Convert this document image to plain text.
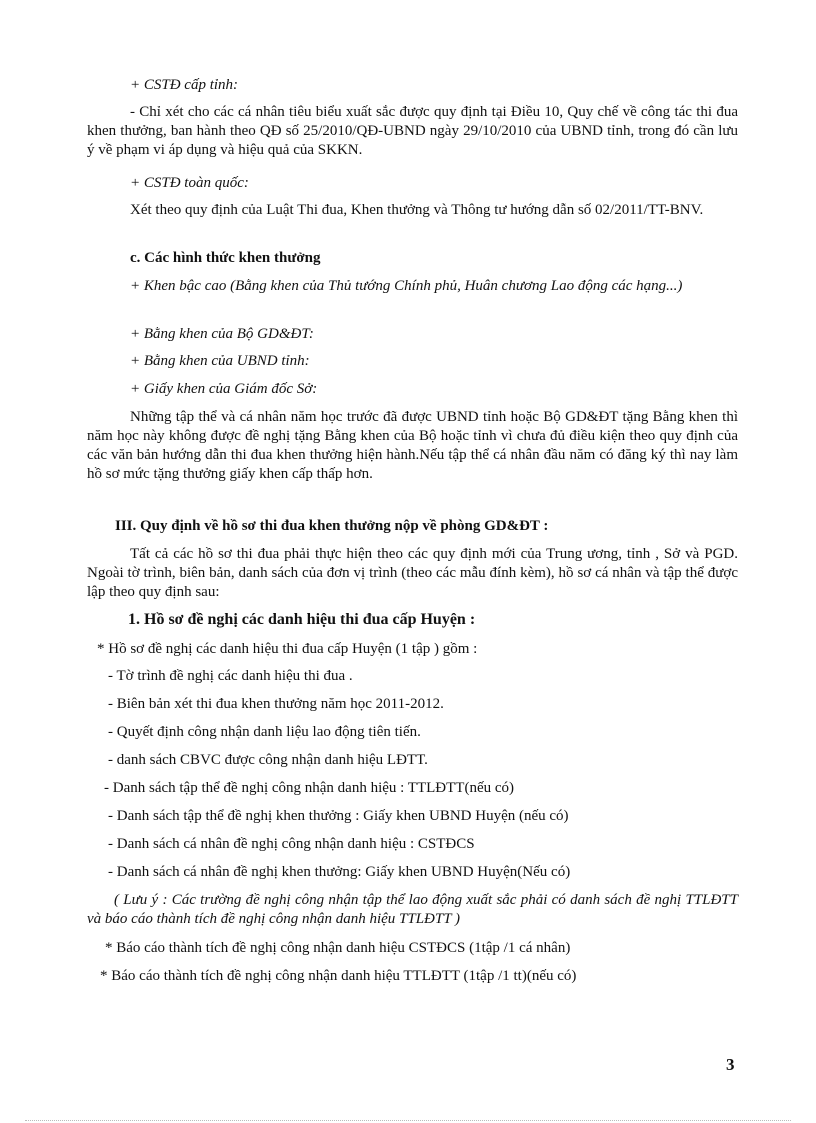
+ CSTĐ cấp tỉnh:
- Chỉ xét cho các cá nhân tiêu biểu xuất sắc được quy định tại Điều 10, Quy chế về công tác thi đua khen thưởng, ban hành theo QĐ số 25/2010/QĐ-UBND ngày 29/10/2010 của UBND tỉnh, trong đó cần lưu ý về phạm vi áp dụng và hiệu quả của SKKN.
+ CSTĐ toàn quốc:
Xét theo quy định của Luật Thi đua, Khen thưởng và Thông tư hướng dẫn số 02/2011/TT-BNV.
c. Các hình thức khen thưởng
+ Khen bậc cao (Bằng khen của Thủ tướng Chính phủ, Huân chương Lao động các hạng...)
+ Bằng khen của Bộ GD&ĐT:
+ Bằng khen của UBND tỉnh:
+ Giấy khen của Giám đốc Sở:
Những tập thể và cá nhân năm học trước đã được UBND tỉnh hoặc Bộ GD&ĐT tặng Bằng khen thì năm học này không được đề nghị tặng Bằng khen của Bộ hoặc tỉnh vì chưa đủ điều kiện theo quy định của các văn bản hướng dẫn thi đua khen thưởng hiện hành.Nếu tập thể cá nhân đầu năm có đăng ký thì nay làm hồ sơ mức tặng thưởng giấy khen cấp thấp hơn.
III. Quy định về hồ sơ thi đua khen thưởng nộp về phòng GD&ĐT :
Tất cả các hồ sơ thi đua phải thực hiện theo các quy định mới của Trung ương, tỉnh , Sở và PGD. Ngoài tờ trình, biên bản, danh sách của đơn vị trình (theo các mẫu đính kèm), hồ sơ cá nhân và tập thể được lập theo quy định sau:
1. Hồ sơ đề nghị các danh hiệu thi đua cấp Huyện :
* Hồ sơ đề nghị các danh hiệu thi đua cấp Huyện (1 tập ) gồm :
- Tờ trình đề nghị các danh hiệu thi đua .
- Biên bản xét thi đua khen thưởng năm học 2011-2012.
- Quyết định công nhận danh liệu lao động tiên tiến.
- danh sách CBVC được công nhận danh hiệu LĐTT.
- Danh sách tập thể đề nghị công nhận danh hiệu : TTLĐTT(nếu có)
- Danh sách tập thể đề nghị khen thưởng : Giấy khen UBND Huyện (nếu có)
- Danh sách cá nhân đề nghị công nhận danh hiệu : CSTĐCS
- Danh sách cá nhân đề nghị khen thưởng: Giấy khen UBND Huyện(Nếu có)
( Lưu ý : Các trường đề nghị công nhận tập thể lao động xuất sắc phải có danh sách đề nghị TTLĐTT và báo cáo thành tích đề nghị công nhận danh hiệu TTLĐTT )
* Báo cáo thành tích đề nghị công nhận danh hiệu CSTĐCS (1tập /1 cá nhân)
* Báo cáo thành tích đề nghị công nhận danh hiệu TTLĐTT (1tập /1 tt)(nếu có)
3
